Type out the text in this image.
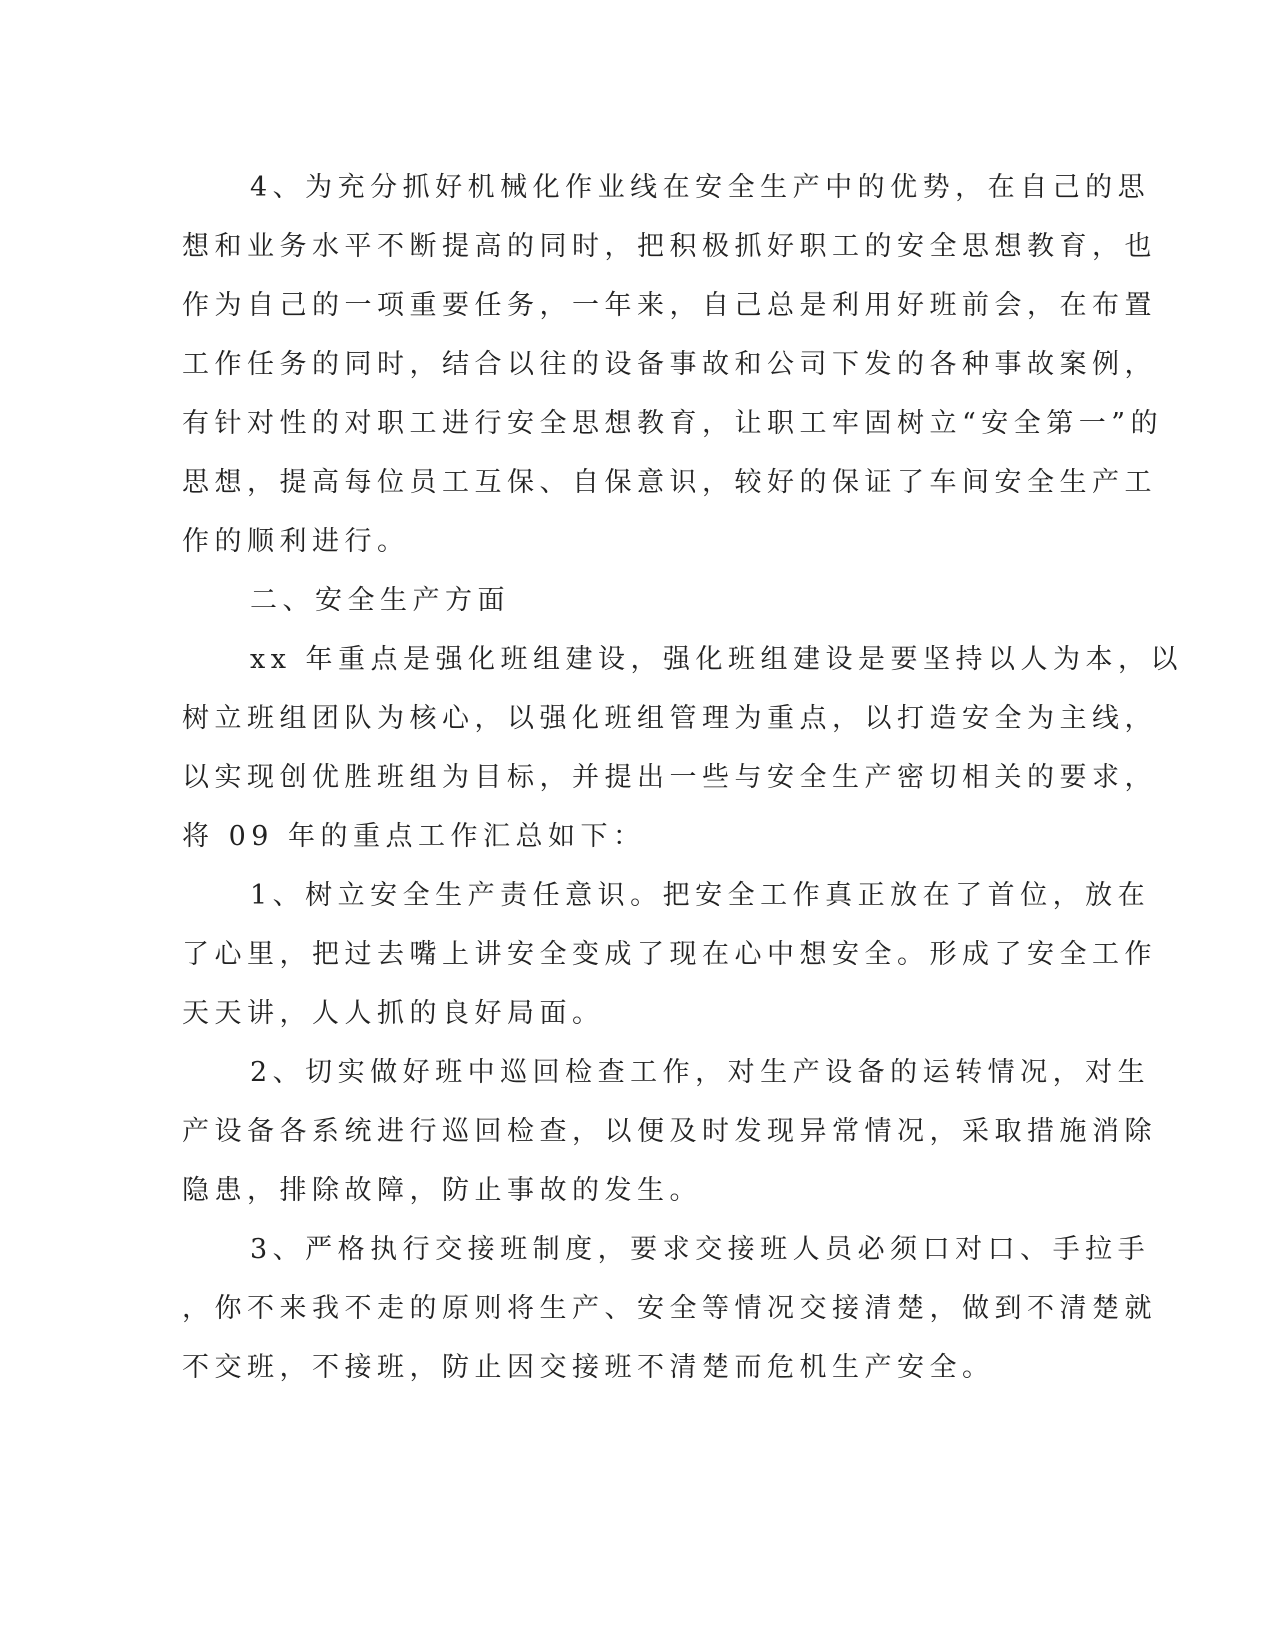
4、为充分抓好机械化作业线在安全生产中的优势，在自己的思
想和业务水平不断提高的同时，把积极抓好职工的安全思想教育，也
作为自己的一项重要任务，一年来，自己总是利用好班前会，在布置
工作任务的同时，结合以往的设备事故和公司下发的各种事故案例，
有针对性的对职工进行安全思想教育，让职工牢固树立“安全第一”的
思想，提高每位员工互保、自保意识，较好的保证了车间安全生产工
作的顺利进行。
二、安全生产方面
xx 年重点是强化班组建设，强化班组建设是要坚持以人为本，以
树立班组团队为核心，以强化班组管理为重点，以打造安全为主线，
以实现创优胜班组为目标，并提出一些与安全生产密切相关的要求，
将 09 年的重点工作汇总如下：
1、树立安全生产责任意识。把安全工作真正放在了首位，放在
了心里，把过去嘴上讲安全变成了现在心中想安全。形成了安全工作
天天讲，人人抓的良好局面。
2、切实做好班中巡回检查工作，对生产设备的运转情况，对生
产设备各系统进行巡回检查，以便及时发现异常情况，采取措施消除
隐患，排除故障，防止事故的发生。
3、严格执行交接班制度，要求交接班人员必须口对口、手拉手
，你不来我不走的原则将生产、安全等情况交接清楚，做到不清楚就
不交班，不接班，防止因交接班不清楚而危机生产安全。
